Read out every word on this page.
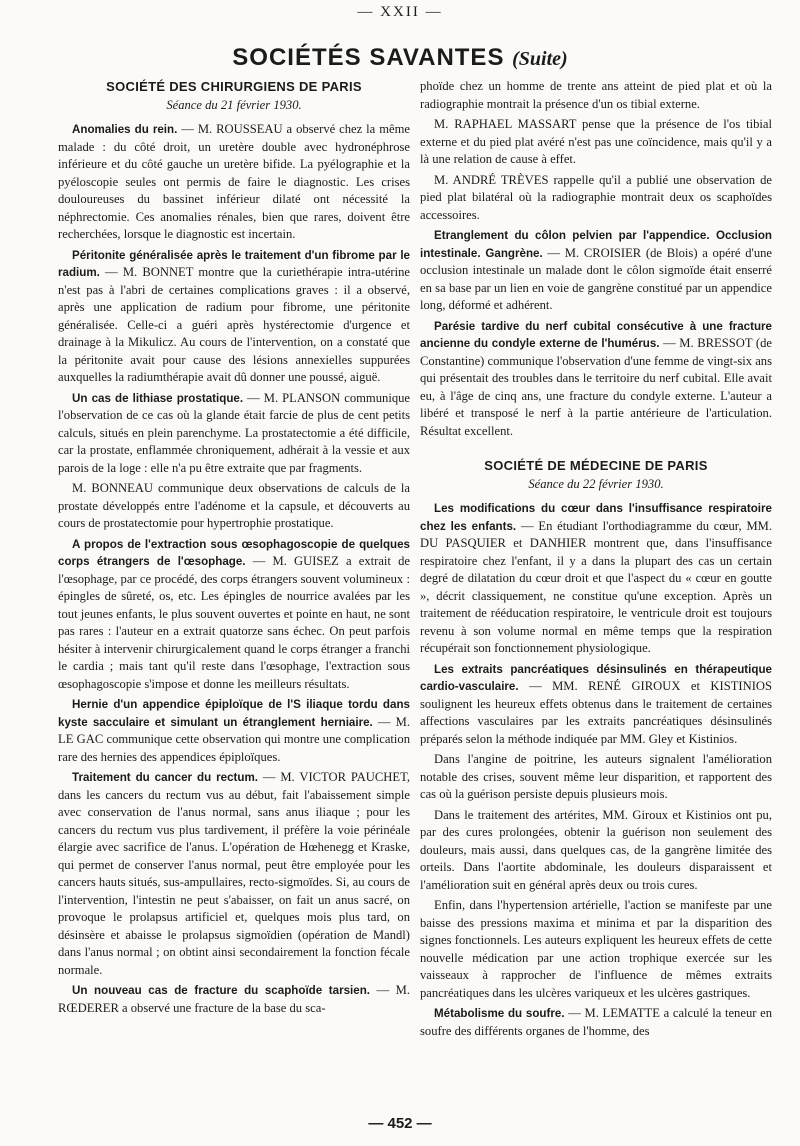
— XXII —
SOCIÉTÉS SAVANTES (Suite)
SOCIÉTÉ DES CHIRURGIENS DE PARIS
Séance du 21 février 1930.

Anomalies du rein. — M. ROUSSEAU a observé chez la même malade : du côté droit, un uretère double avec hydronéphrose inférieure et du côté gauche un uretère bifide. La pyélographie et la pyéloscopie seules ont permis de faire le diagnostic. Les crises douloureuses du bassinet inférieur dilaté ont nécessité la néphrectomie. Ces anomalies rénales, bien que rares, doivent être recherchées, lorsque le diagnostic est incertain.

Péritonite généralisée après le traitement d'un fibrome par le radium. — M. BONNET montre que la curiethérapie intra-utérine n'est pas à l'abri de certaines complications graves : il a observé, après une application de radium pour fibrome, une péritonite généralisée. Celle-ci a guéri après hystérectomie d'urgence et drainage à la Mikulicz. Au cours de l'intervention, on a constaté que la péritonite avait pour cause des lésions annexielles suppurées auxquelles la radiumthérapie avait dû donner une poussé, aiguë.

Un cas de lithiase prostatique. — M. PLANSON communique l'observation de ce cas où la glande était farcie de plus de cent petits calculs, situés en plein parenchyme. La prostatectomie a été difficile, car la prostate, enflammée chroniquement, adhérait à la vessie et aux parois de la loge : elle n'a pu être extraite que par fragments.

M. BONNEAU communique deux observations de calculs de la prostate développés entre l'adénome et la capsule, et découverts au cours de prostatectomie pour hypertrophie prostatique.

A propos de l'extraction sous œsophagoscopie de quelques corps étrangers de l'œsophage. — M. GUISEZ a extrait de l'œsophage, par ce procédé, des corps étrangers souvent volumineux : épingles de sûreté, os, etc. Les épingles de nourrice avalées par les tout jeunes enfants, le plus souvent ouvertes et pointe en haut, ne sont pas rares : l'auteur en a extrait quatorze sans échec. On peut parfois hésiter à intervenir chirurgicalement quand le corps étranger a franchi le cardia ; mais tant qu'il reste dans l'œsophage, l'extraction sous œsophagoscopie s'impose et donne les meilleurs résultats.

Hernie d'un appendice épiploïque de l'S iliaque tordu dans kyste sacculaire et simulant un étranglement herniaire. — M. LE GAC communique cette observation qui montre une complication rare des hernies des appendices épiploïques.

Traitement du cancer du rectum. — M. VICTOR PAUCHET, dans les cancers du rectum vus au début, fait l'abaissement simple avec conservation de l'anus normal, sans anus iliaque ; pour les cancers du rectum vus plus tardivement, il préfère la voie périnéale élargie avec sacrifice de l'anus. L'opération de Hœhenegg et Kraske, qui permet de conserver l'anus normal, peut être employée pour les cancers hauts situés, sus-ampullaires, recto-sigmoïdes. Si, au cours de l'intervention, l'intestin ne peut s'abaisser, on fait un anus sacré, on provoque le prolapsus artificiel et, quelques mois plus tard, on désinsère et abaisse le prolapsus sigmoïdien (opération de Mandl) dans l'anus normal ; on obtint ainsi secondairement la fonction fécale normale.

Un nouveau cas de fracture du scaphoïde tarsien. — M. RŒDERER a observé une fracture de la base du sca-

phoïde chez un homme de trente ans atteint de pied plat et où la radiographie montrait la présence d'un os tibial externe.

M. RAPHAEL MASSART pense que la présence de l'os tibial externe et du pied plat avéré n'est pas une coïncidence, mais qu'il y a là une relation de cause à effet.

M. ANDRÉ TRÈVES rappelle qu'il a publié une observation de pied plat bilatéral où la radiographie montrait deux os scaphoïdes accessoires.

Etranglement du côlon pelvien par l'appendice. Occlusion intestinale. Gangrène. — M. CROISIER (de Blois) a opéré d'une occlusion intestinale un malade dont le côlon sigmoïde était enserré en sa base par un lien en voie de gangrène constitué par un appendice long, déformé et adhérent.

Parésie tardive du nerf cubital consécutive à une fracture ancienne du condyle externe de l'humérus. — M. BRESSOT (de Constantine) communique l'observation d'une femme de vingt-six ans qui présentait des troubles dans le territoire du nerf cubital. Elle avait eu, à l'âge de cinq ans, une fracture du condyle externe. L'auteur a libéré et transposé le nerf à la partie antérieure de l'articulation. Résultat excellent.

SOCIÉTÉ DE MÉDECINE DE PARIS
Séance du 22 février 1930.

Les modifications du cœur dans l'insuffisance respiratoire chez les enfants. — En étudiant l'orthodiagramme du cœur, MM. DU PASQUIER et DANHIER montrent que, dans l'insuffisance respiratoire chez l'enfant, il y a dans la plupart des cas un certain degré de dilatation du cœur droit et que l'aspect du « cœur en goutte », décrit classiquement, ne constitue qu'une exception. Après un traitement de rééducation respiratoire, le ventricule droit est toujours revenu à son volume normal en même temps que la respiration récupérait son fonctionnement physiologique.

Les extraits pancréatiques désinsulinés en thérapeutique cardio-vasculaire. — MM. RENÉ GIROUX et KISTINIOS soulignent les heureux effets obtenus dans le traitement de certaines affections vasculaires par les extraits pancréatiques désinsulinés préparés selon la méthode indiquée par MM. Gley et Kistinios.

Dans l'angine de poitrine, les auteurs signalent l'amélioration notable des crises, souvent même leur disparition, et rapportent des cas où la guérison persiste depuis plusieurs mois.

Dans le traitement des artérites, MM. Giroux et Kistinios ont pu, par des cures prolongées, obtenir la guérison non seulement des douleurs, mais aussi, dans quelques cas, de la gangrène limitée des orteils. Dans l'aortite abdominale, les douleurs disparaissent et l'amélioration suit en général après deux ou trois cures.

Enfin, dans l'hypertension artérielle, l'action se manifeste par une baisse des pressions maxima et minima et par la disparition des signes fonctionnels. Les auteurs expliquent les heureux effets de cette nouvelle médication par une action trophique exercée sur les vaisseaux à rapprocher de l'influence de mêmes extraits pancréatiques dans les ulcères variqueux et les ulcères gastriques.

Métabolisme du soufre. — M. LEMATTE a calculé la teneur en soufre des différents organes de l'homme, des

— 452 —
